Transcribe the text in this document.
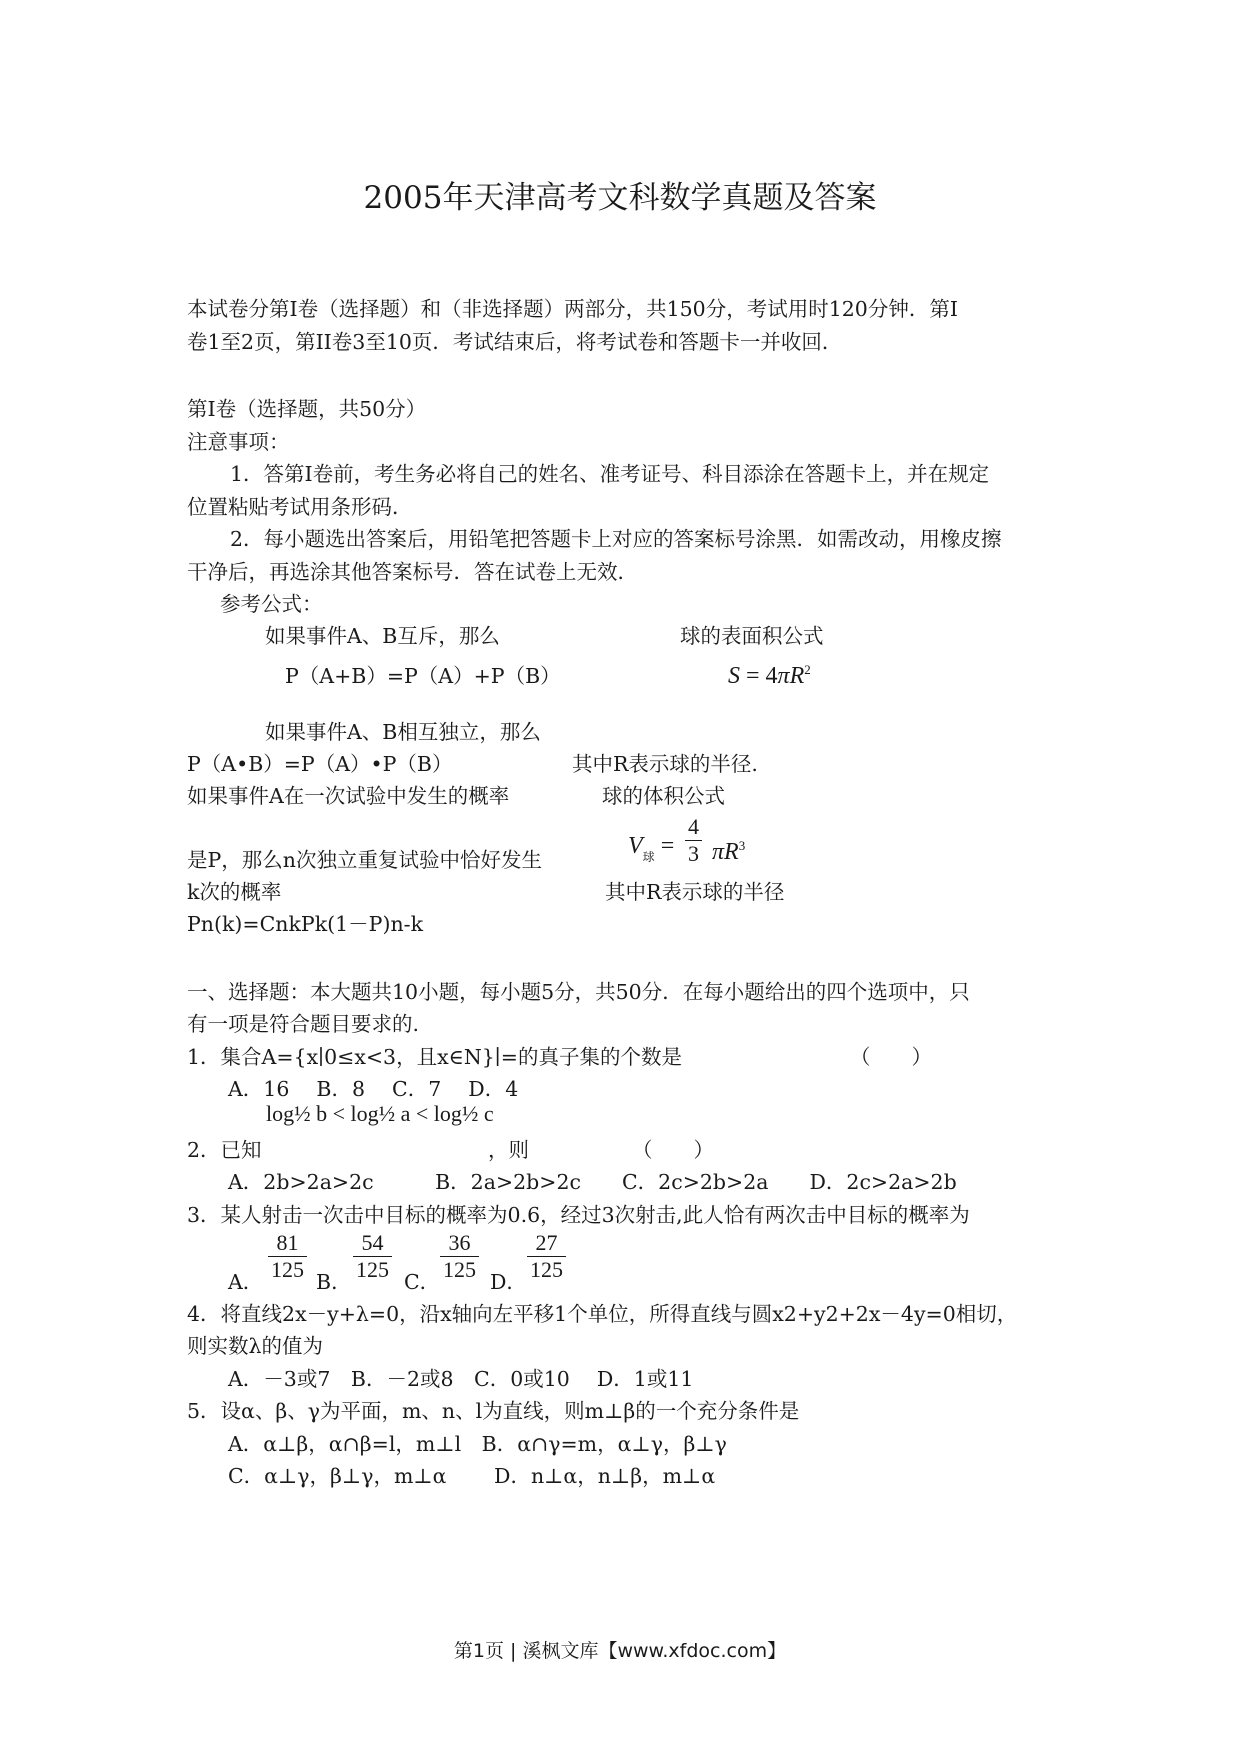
2005年天津高考文科数学真题及答案
本试卷分第Ⅰ卷（选择题）和（非选择题）两部分，共150分，考试用时120分钟．第Ⅰ
卷1至2页，第II卷3至10页．考试结束后，将考试卷和答题卡一并收回．
第Ⅰ卷（选择题，共50分）
注意事项：
1．答第Ⅰ卷前，考生务必将自己的姓名、准考证号、科目添涂在答题卡上，并在规定
位置粘贴考试用条形码．
2．每小题选出答案后，用铅笔把答题卡上对应的答案标号涂黑．如需改动，用橡皮擦
干净后，再选涂其他答案标号．答在试卷上无效．
参考公式：
如果事件A、B互斥，那么	球的表面积公式
P（A+B）=P（A）+P（B）	$S = 4\pi R^2$
如果事件A、B相互独立，那么
P（A•B）=P（A）•P（B）	其中R表示球的半径.
如果事件A在一次试验中发生的概率	球的体积公式
$V_球$ =
4
3 $\pi R^3$
是P，那么n次独立重复试验中恰好发生
k次的概率	其中R表示球的半径
Pn(k)=CnkPk(1－P)n-k
一、选择题：本大题共10小题，每小题5分，共50分．在每小题给出的四个选项中，只
有一项是符合题目要求的.
1．集合A={x∣0≤x<3，且x∈N}∣=的真子集的个数是	（　　）
A．16　 B．8　 C．7　 D．4
log½ b < log½ a < log½ c
2．已知	，则	（　　）
A．2b>2a>2c　　　B．2a>2b>2c　　C．2c>2b>2a　　D．2c>2a>2b
3．某人射击一次击中目标的概率为0.6，经过3次射击,此人恰有两次击中目标的概率为
A．
81
125 B．
54
125 C．
36
125 D．
27
125
4．将直线2x－y+λ=0，沿x轴向左平移1个单位，所得直线与圆x2+y2+2x－4y=0相切，
则实数λ的值为
A．－3或7　B．－2或8　C．0或10　 D．1或11
5．设α、β、γ为平面，m、n、l为直线，则m⊥β的一个充分条件是
A．α⊥β，α∩β=l，m⊥l　B．α∩γ=m，α⊥γ，β⊥γ
C．α⊥γ，β⊥γ，m⊥α　　 D．n⊥α，n⊥β，m⊥α
第1页 | 溪枫文库【www.xfdoc.com】
